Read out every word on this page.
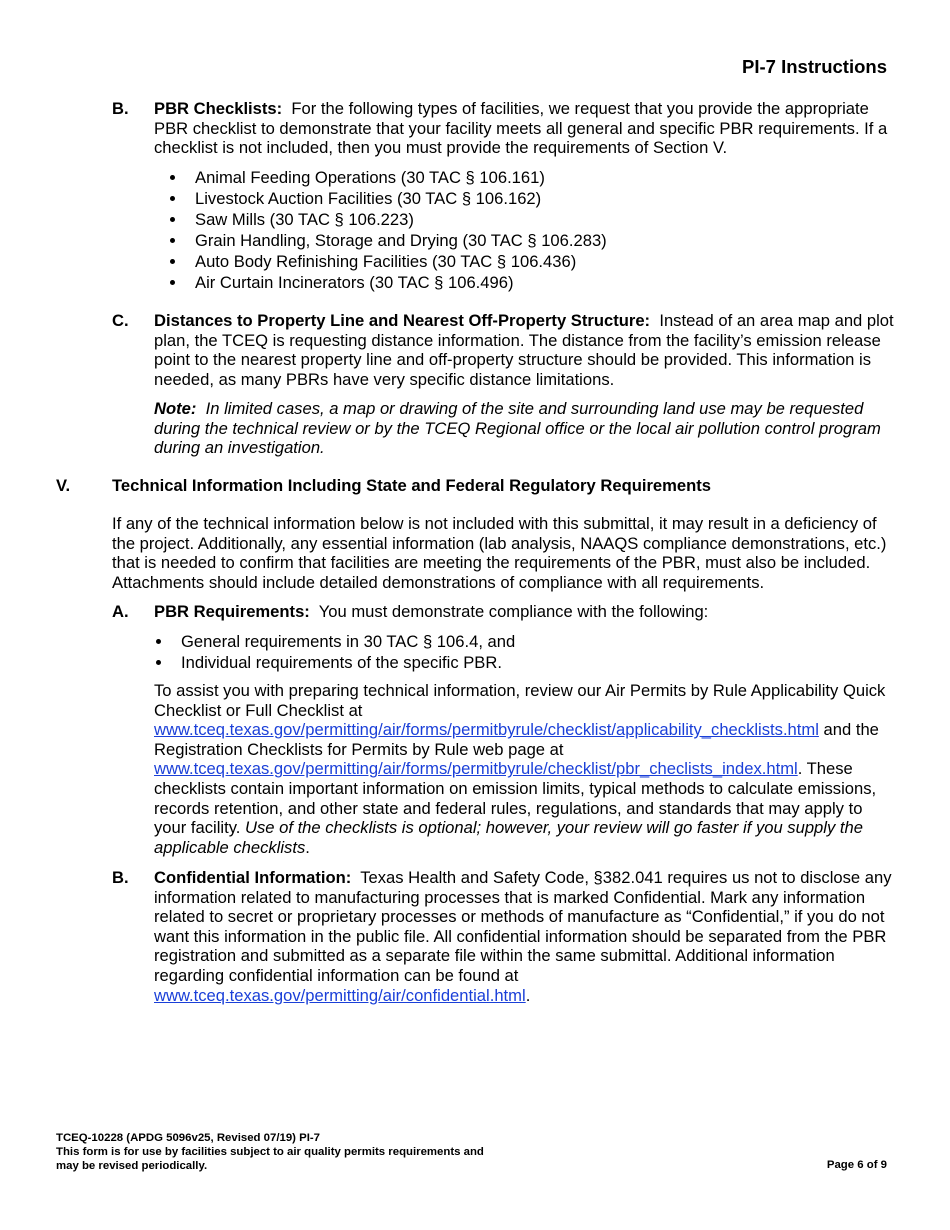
PI-7 Instructions
B. PBR Checklists: For the following types of facilities, we request that you provide the appropriate PBR checklist to demonstrate that your facility meets all general and specific PBR requirements. If a checklist is not included, then you must provide the requirements of Section V.

Animal Feeding Operations (30 TAC § 106.161)
Livestock Auction Facilities (30 TAC § 106.162)
Saw Mills (30 TAC § 106.223)
Grain Handling, Storage and Drying (30 TAC § 106.283)
Auto Body Refinishing Facilities (30 TAC § 106.436)
Air Curtain Incinerators (30 TAC § 106.496)
C. Distances to Property Line and Nearest Off-Property Structure: Instead of an area map and plot plan, the TCEQ is requesting distance information. The distance from the facility’s emission release point to the nearest property line and off-property structure should be provided. This information is needed, as many PBRs have very specific distance limitations.

Note: In limited cases, a map or drawing of the site and surrounding land use may be requested during the technical review or by the TCEQ Regional office or the local air pollution control program during an investigation.

V.	Technical Information Including State and Federal Regulatory Requirements

If any of the technical information below is not included with this submittal, it may result in a deficiency of the project. Additionally, any essential information (lab analysis, NAAQS compliance demonstrations, etc.) that is needed to confirm that facilities are meeting the requirements of the PBR, must also be included. Attachments should include detailed demonstrations of compliance with all requirements.

A. PBR Requirements: You must demonstrate compliance with the following:

General requirements in 30 TAC § 106.4, and
Individual requirements of the specific PBR.

To assist you with preparing technical information, review our Air Permits by Rule Applicability Quick Checklist or Full Checklist at www.tceq.texas.gov/permitting/air/forms/permitbyrule/checklist/applicability_checklists.html and the Registration Checklists for Permits by Rule web page at www.tceq.texas.gov/permitting/air/forms/permitbyrule/checklist/pbr_checlists_index.html. These checklists contain important information on emission limits, typical methods to calculate emissions, records retention, and other state and federal rules, regulations, and standards that may apply to your facility. Use of the checklists is optional; however, your review will go faster if you supply the applicable checklists.

B. Confidential Information: Texas Health and Safety Code, §382.041 requires us not to disclose any information related to manufacturing processes that is marked Confidential. Mark any information related to secret or proprietary processes or methods of manufacture as “Confidential,” if you do not want this information in the public file. All confidential information should be separated from the PBR registration and submitted as a separate file within the same submittal. Additional information regarding confidential information can be found at www.tceq.texas.gov/permitting/air/confidential.html.

TCEQ-10228 (APDG 5096v25, Revised 07/19) PI-7
This form is for use by facilities subject to air quality permits requirements and
may be revised periodically.	Page 6 of 9
